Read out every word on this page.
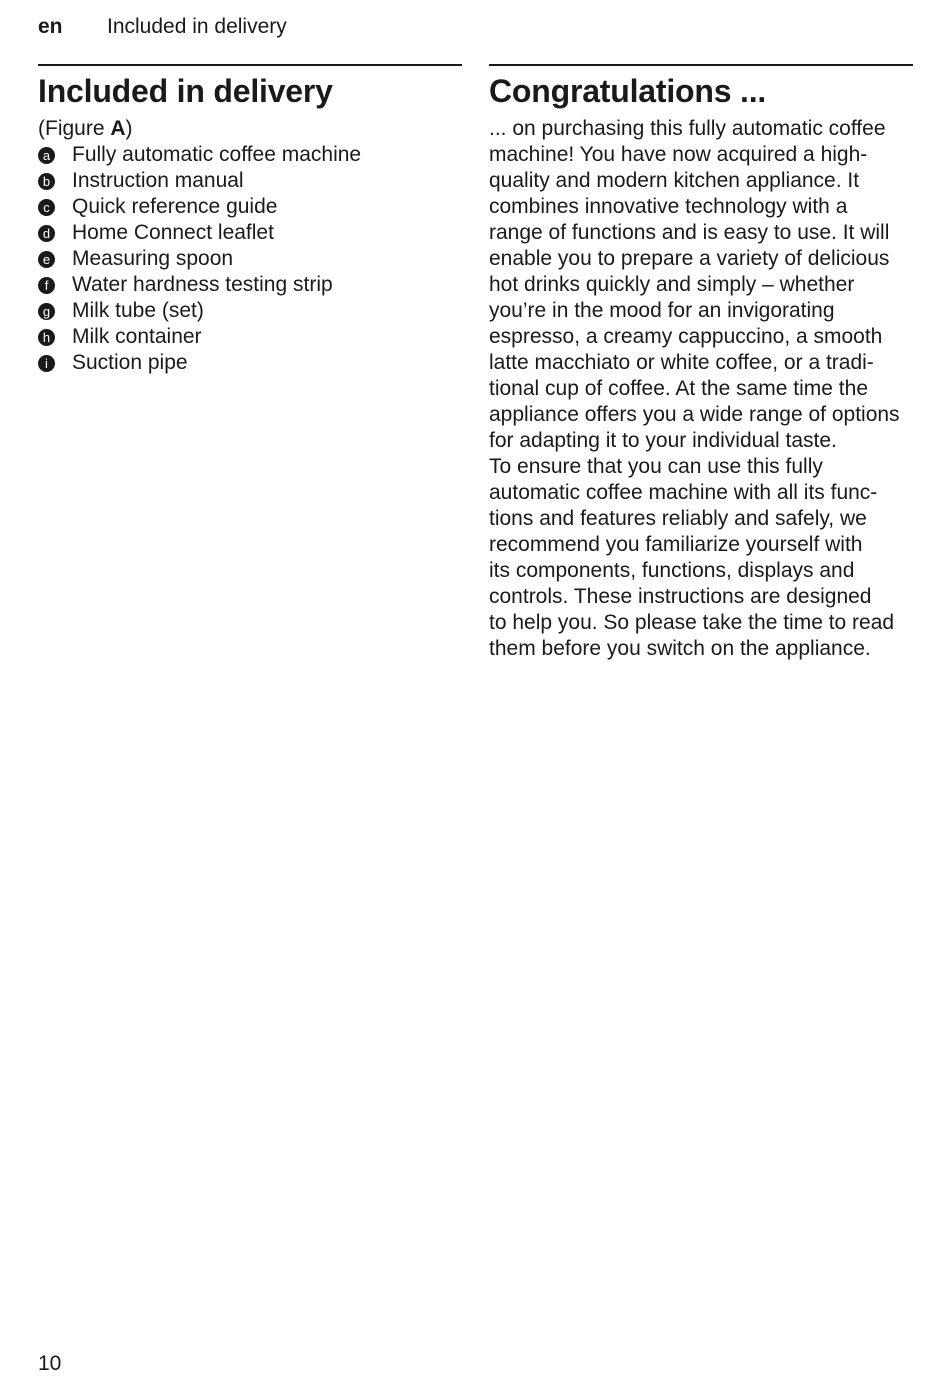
en Included in delivery
Included in delivery
(Figure A)
a Fully automatic coffee machine
b Instruction manual
c Quick reference guide
d Home Connect leaflet
e Measuring spoon
f	Water hardness testing strip
g Milk tube (set)
h Milk container
i	Suction pipe
Congratulations ...

... on purchasing this fully automatic coffee
machine! You have now acquired a high-
quality and modern kitchen appliance. It
combines innovative technology with a
range of functions and is easy to use. It will
enable you to prepare a variety of delicious
hot drinks quickly and simply – whether
you’re in the mood for an invigorating
espresso, a creamy cappuccino, a smooth
latte macchiato or white coffee, or a tradi-
tional cup of coffee. At the same time the
appliance offers you a wide range of options
for adapting it to your individual taste.

To ensure that you can use this fully
automatic coffee machine with all its func-
tions and features reliably and safely, we
recommend you familiarize yourself with
its components, functions, displays and
controls. These instructions are designed
to help you. So please take the time to read
them before you switch on the appliance.

10
